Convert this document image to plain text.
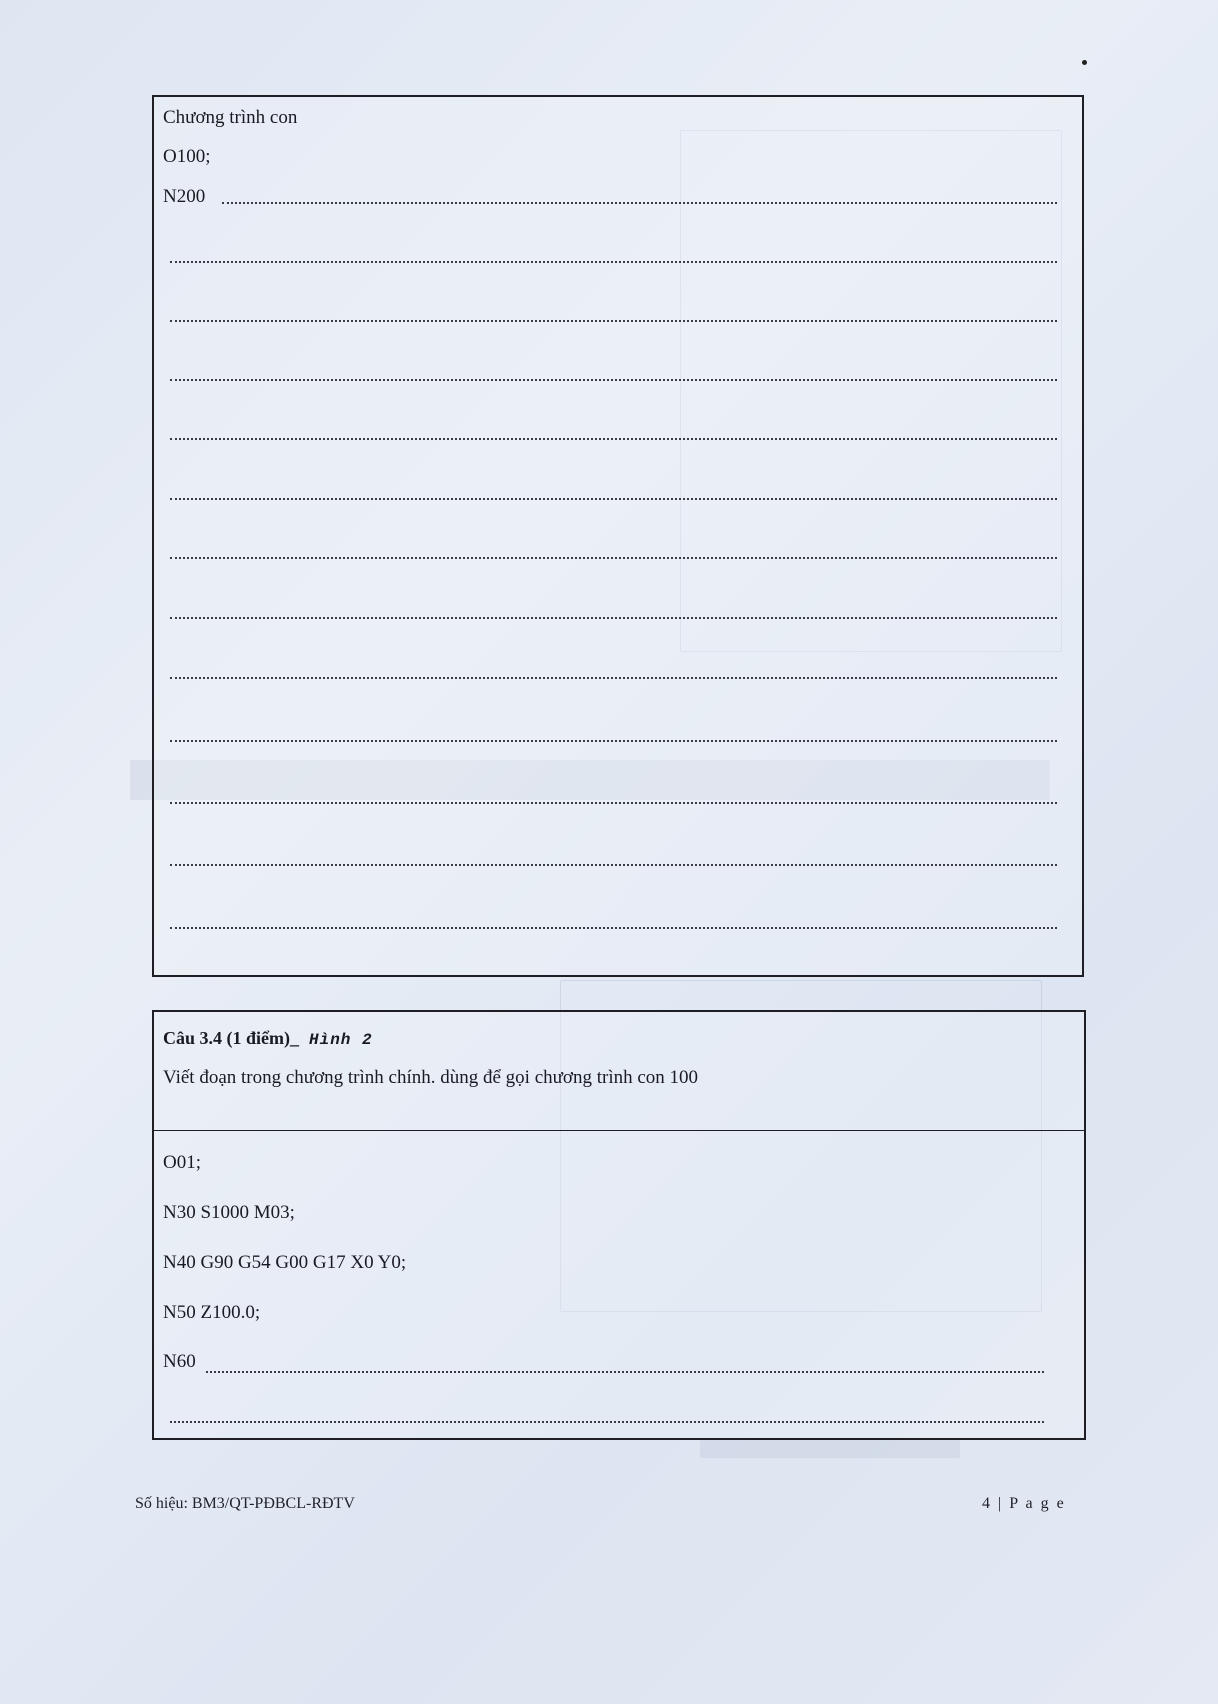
Chương trình con
O100;
N200
Câu 3.4 (1 điểm)_ Hình 2
Viết đoạn trong chương trình chính. dùng để gọi chương trình con 100
O01;
N30 S1000 M03;
N40 G90 G54 G00 G17 X0 Y0;
N50 Z100.0;
N60
Số hiệu: BM3/QT-PĐBCL-RĐTV	4 | P a g e
